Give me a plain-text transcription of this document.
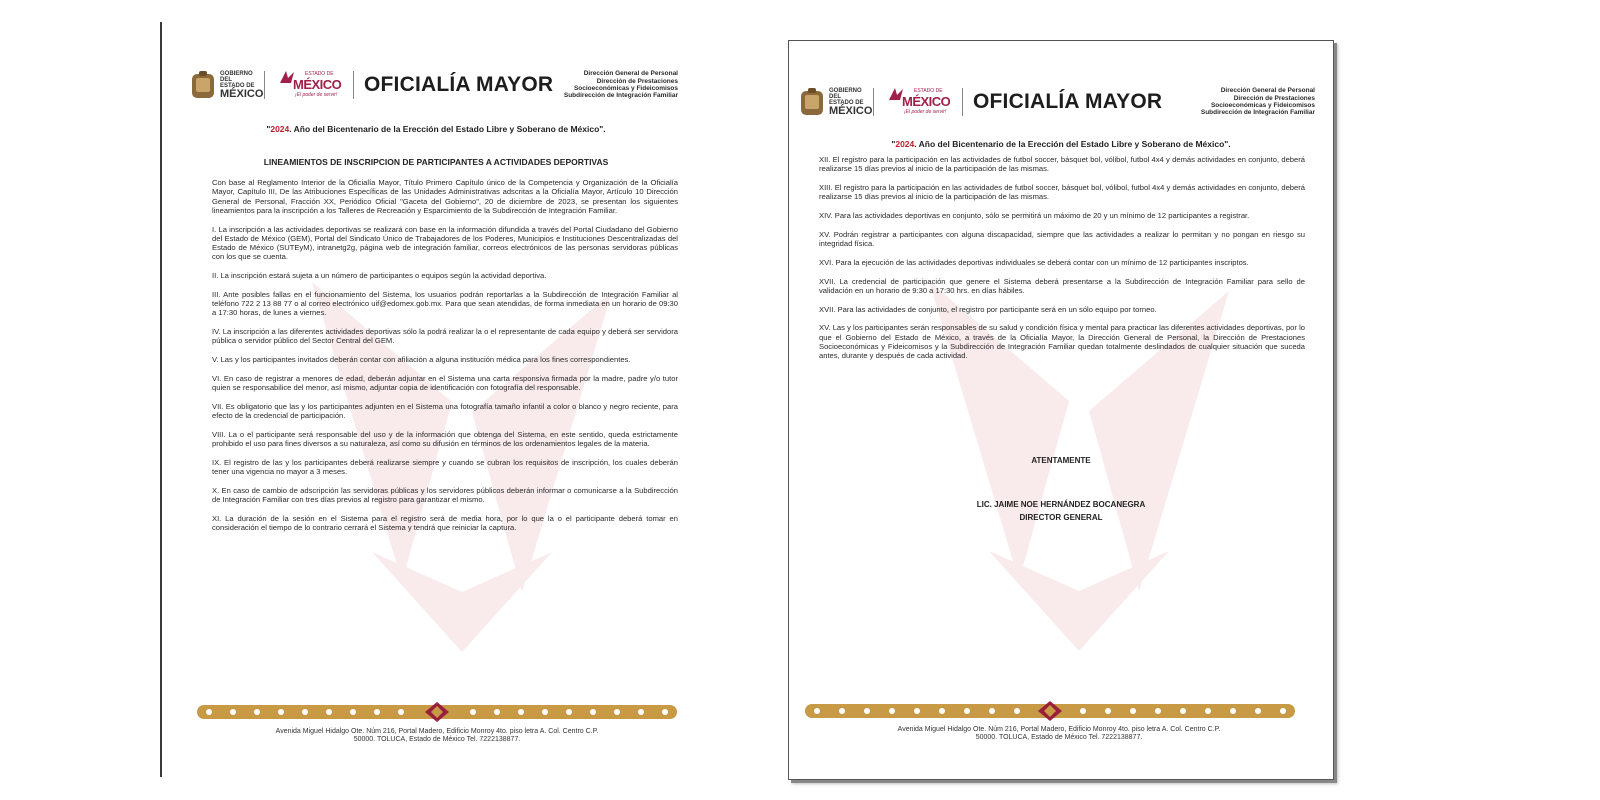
GOBIERNO DEL
ESTADO DE
MÉXICO
ESTADO DE
MÉXICO
¡El poder de servir! OFICIALÍA MAYOR	Dirección General de Personal
Dirección de Prestaciones
Socioeconómicas y Fideicomisos
Subdirección de Integración Familiar
"2024. Año del Bicentenario de la Erección del Estado Libre y Soberano de México".
LINEAMIENTOS DE INSCRIPCION DE PARTICIPANTES A ACTIVIDADES DEPORTIVAS

Con base al Reglamento Interior de la Oficialía Mayor, Título Primero Capítulo único de la Competencia y Organización de la Oficialía Mayor, Capítulo III, De las Atribuciones Específicas de las Unidades Administrativas adscritas a la Oficialía Mayor, Artículo 10 Dirección General de Personal, Fracción XX, Periódico Oficial "Gaceta del Gobierno", 20 de diciembre de 2023, se presentan los siguientes lineamientos para la inscripción a los Talleres de Recreación y Esparcimiento de la Subdirección de Integración Familiar.

I. La inscripción a las actividades deportivas se realizará con base en la información difundida a través del Portal Ciudadano del Gobierno del Estado de México (GEM), Portal del Sindicato Único de Trabajadores de los Poderes, Municipios e Instituciones Descentralizadas del Estado de México (SUTEyM), intranetg2g, página web de integración familiar, correos electrónicos de las personas servidoras públicas con los que se cuenta.

II. La inscripción estará sujeta a un número de participantes o equipos según la actividad deportiva.

III. Ante posibles fallas en el funcionamiento del Sistema, los usuarios podrán reportarlas a la Subdirección de Integración Familiar al teléfono 722 2 13 88 77 o al correo electrónico uif@edomex.gob.mx. Para que sean atendidas, de forma inmediata en un horario de 09:30 a 17:30 horas, de lunes a viernes.

IV. La inscripción a las diferentes actividades deportivas sólo la podrá realizar la o el representante de cada equipo y deberá ser servidora pública o servidor público del Sector Central del GEM.

V. Las y los participantes invitados deberán contar con afiliación a alguna institución médica para los fines correspondientes.

VI. En caso de registrar a menores de edad, deberán adjuntar en el Sistema una carta responsiva firmada por la madre, padre y/o tutor quien se responsabilice del menor, así mismo, adjuntar copia de identificación con fotografía del responsable.

VII. Es obligatorio que las y los participantes adjunten en el Sistema una fotografía tamaño infantil a color o blanco y negro reciente, para efecto de la credencial de participación.

VIII. La o el participante será responsable del uso y de la información que obtenga del Sistema, en este sentido, queda estrictamente prohibido el uso para fines diversos a su naturaleza, así como su difusión en términos de los ordenamientos legales de la materia.

IX. El registro de las y los participantes deberá realizarse siempre y cuando se cubran los requisitos de inscripción, los cuales deberán tener una vigencia no mayor a 3 meses.

X. En caso de cambio de adscripción las servidoras públicas y los servidores públicos deberán informar o comunicarse a la Subdirección de Integración Familiar con tres días previos al registro para garantizar el mismo.

XI. La duración de la sesión en el Sistema para el registro será de media hora, por lo que la o el participante deberá tomar en consideración el tiempo de lo contrario cerrará el Sistema y tendrá que reiniciar la captura.

Avenida Miguel Hidalgo Ote. Núm 216, Portal Madero, Edificio Monroy 4to. piso letra A. Col. Centro C.P.
50000. TOLUCA, Estado de México Tel. 7222138877.
GOBIERNO DEL
ESTADO DE
MÉXICO
ESTADO DE
MÉXICO
¡El poder de servir! OFICIALÍA MAYOR	Dirección General de Personal
Dirección de Prestaciones
Socioeconómicas y Fideicomisos
Subdirección de Integración Familiar
"2024. Año del Bicentenario de la Erección del Estado Libre y Soberano de México".

XII. El registro para la participación en las actividades de futbol soccer, básquet bol, vólibol, futbol 4x4 y demás actividades en conjunto, deberá realizarse 15 días previos al inicio de la participación de las mismas.

XIII. El registro para la participación en las actividades de futbol soccer, básquet bol, vólibol, futbol 4x4 y demás actividades en conjunto, deberá realizarse 15 días previos al inicio de la participación de las mismas.

XIV. Para las actividades deportivas en conjunto, sólo se permitirá un máximo de 20 y un mínimo de 12 participantes a registrar.

XV. Podrán registrar a participantes con alguna discapacidad, siempre que las actividades a realizar lo permitan y no pongan en riesgo su integridad física.

XVI. Para la ejecución de las actividades deportivas individuales se deberá contar con un mínimo de 12 participantes inscriptos.

XVII. La credencial de participación que genere el Sistema deberá presentarse a la Subdirección de Integración Familiar para sello de validación en un horario de 9:30 a 17:30 hrs. en días hábiles.

XVII. Para las actividades de conjunto, el registro por participante será en un sólo equipo por torneo.

XV. Las y los participantes serán responsables de su salud y condición física y mental para practicar las diferentes actividades deportivas, por lo que el Gobierno del Estado de México, a través de la Oficialía Mayor, la Dirección General de Personal, la Dirección de Prestaciones Socioeconómicas y Fideicomisos y la Subdirección de Integración Familiar quedan totalmente deslindados de cualquier situación que suceda antes, durante y después de cada actividad.

ATENTAMENTE
LIC. JAIME NOE HERNÁNDEZ BOCANEGRA
DIRECTOR GENERAL
Avenida Miguel Hidalgo Ote. Núm 216, Portal Madero, Edificio Monroy 4to. piso letra A. Col. Centro C.P.
50000. TOLUCA, Estado de México Tel. 7222138877.
